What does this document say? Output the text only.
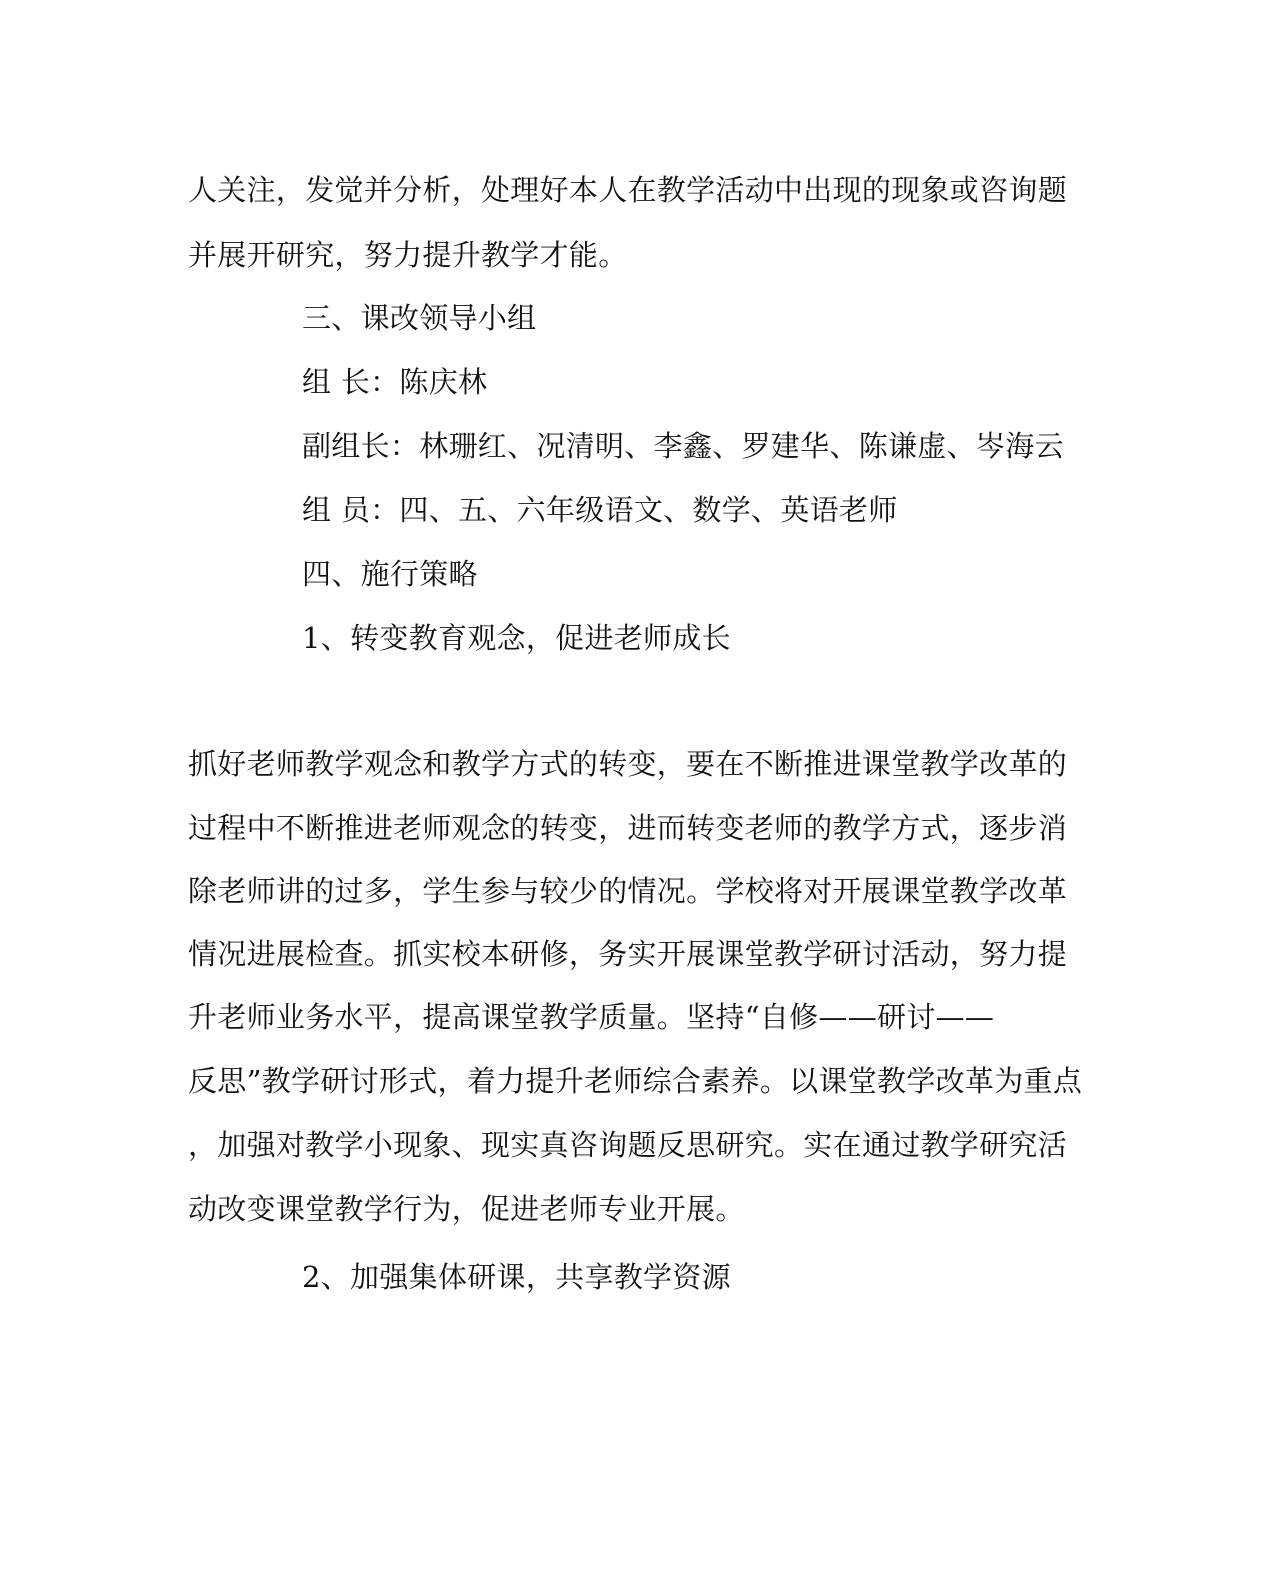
人关注，发觉并分析，处理好本人在教学活动中出现的现象或咨询题
并展开研究，努力提升教学才能。
三、课改领导小组
组 长：陈庆林
副组长：林珊红、况清明、李鑫、罗建华、陈谦虚、岑海云
组 员：四、五、六年级语文、数学、英语老师
四、施行策略
1、转变教育观念，促进老师成长
抓好老师教学观念和教学方式的转变，要在不断推进课堂教学改革的
过程中不断推进老师观念的转变，进而转变老师的教学方式，逐步消
除老师讲的过多，学生参与较少的情况。学校将对开展课堂教学改革
情况进展检查。抓实校本研修，务实开展课堂教学研讨活动，努力提
升老师业务水平，提高课堂教学质量。坚持“自修——研讨——
反思”教学研讨形式，着力提升老师综合素养。以课堂教学改革为重点
，加强对教学小现象、现实真咨询题反思研究。实在通过教学研究活
动改变课堂教学行为，促进老师专业开展。
2、加强集体研课，共享教学资源
